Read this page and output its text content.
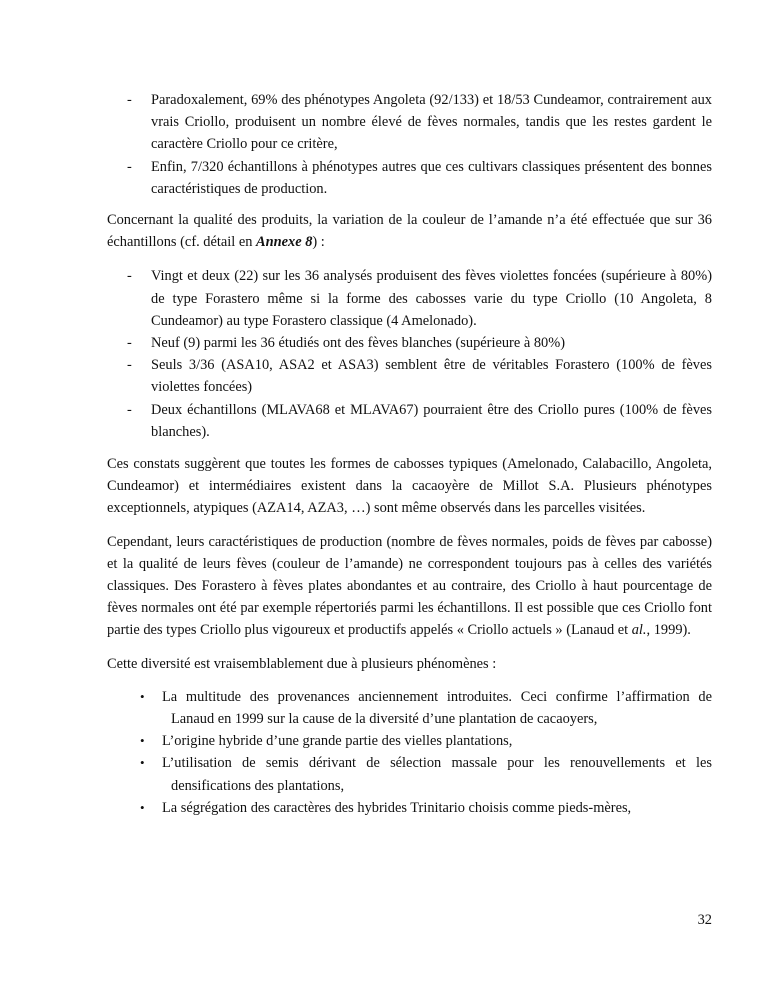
- Paradoxalement, 69% des phénotypes Angoleta (92/133) et 18/53 Cundeamor, contrairement aux vrais Criollo, produisent un nombre élevé de fèves normales, tandis que les restes gardent le caractère Criollo pour ce critère,
- Enfin, 7/320 échantillons à phénotypes autres que ces cultivars classiques présentent des bonnes caractéristiques de production.

Concernant la qualité des produits, la variation de la couleur de l’amande n’a été effectuée que sur 36 échantillons (cf. détail en Annexe 8) :

- Vingt et deux (22) sur les 36 analysés produisent des fèves violettes foncées (supérieure à 80%) de type Forastero même si la forme des cabosses varie du type Criollo (10 Angoleta, 8 Cundeamor) au type Forastero classique (4 Amelonado).
- Neuf (9) parmi les 36 étudiés ont des fèves blanches (supérieure à 80%)
- Seuls 3/36 (ASA10, ASA2 et ASA3) semblent être de véritables Forastero (100% de fèves violettes foncées)
- Deux échantillons (MLAVA68 et MLAVA67) pourraient être des Criollo pures (100% de fèves blanches).

Ces constats suggèrent que toutes les formes de cabosses typiques (Amelonado, Calabacillo, Angoleta, Cundeamor) et intermédiaires existent dans la cacaoyère de Millot S.A. Plusieurs phénotypes exceptionnels, atypiques (AZA14, AZA3, …) sont même observés dans les parcelles visitées.

Cependant, leurs caractéristiques de production (nombre de fèves normales, poids de fèves par cabosse) et la qualité de leurs fèves (couleur de l’amande) ne correspondent toujours pas à celles des variétés classiques. Des Forastero à fèves plates abondantes et au contraire, des Criollo à haut pourcentage de fèves normales ont été par exemple répertoriés parmi les échantillons. Il est possible que ces Criollo font partie des types Criollo plus vigoureux et productifs appelés « Criollo actuels » (Lanaud et al., 1999).

Cette diversité est vraisemblablement due à plusieurs phénomènes :

• La multitude des provenances anciennement introduites. Ceci confirme l’affirmation de Lanaud en 1999 sur la cause de la diversité d’une plantation de cacaoyers,
• L’origine hybride d’une grande partie des vielles plantations,
• L’utilisation de semis dérivant de sélection massale pour les renouvellements et les densifications des plantations,
• La ségrégation des caractères des hybrides Trinitario choisis comme pieds-mères,
32
